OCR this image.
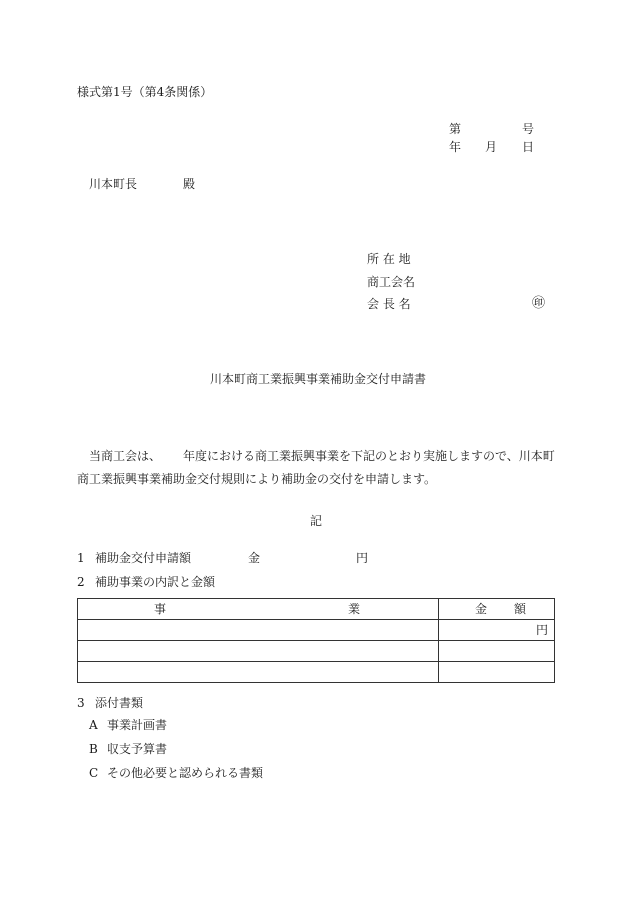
様式第1号（第4条関係）
第	号
年 月 日
川本町長	殿
所 在 地
商工会名
会 長 名	㊞
川本町商工業振興事業補助金交付申請書
当商工会は、 年度における商工業振興事業を下記のとおり実施しますので、川本町
商工業振興事業補助金交付規則により補助金の交付を申請します。
記
1 補助金交付申請額	金	円
2 補助事業の内訳と金額
事 業	金 額

	円

3 添付書類
A 事業計画書
B 収支予算書
C その他必要と認められる書類
